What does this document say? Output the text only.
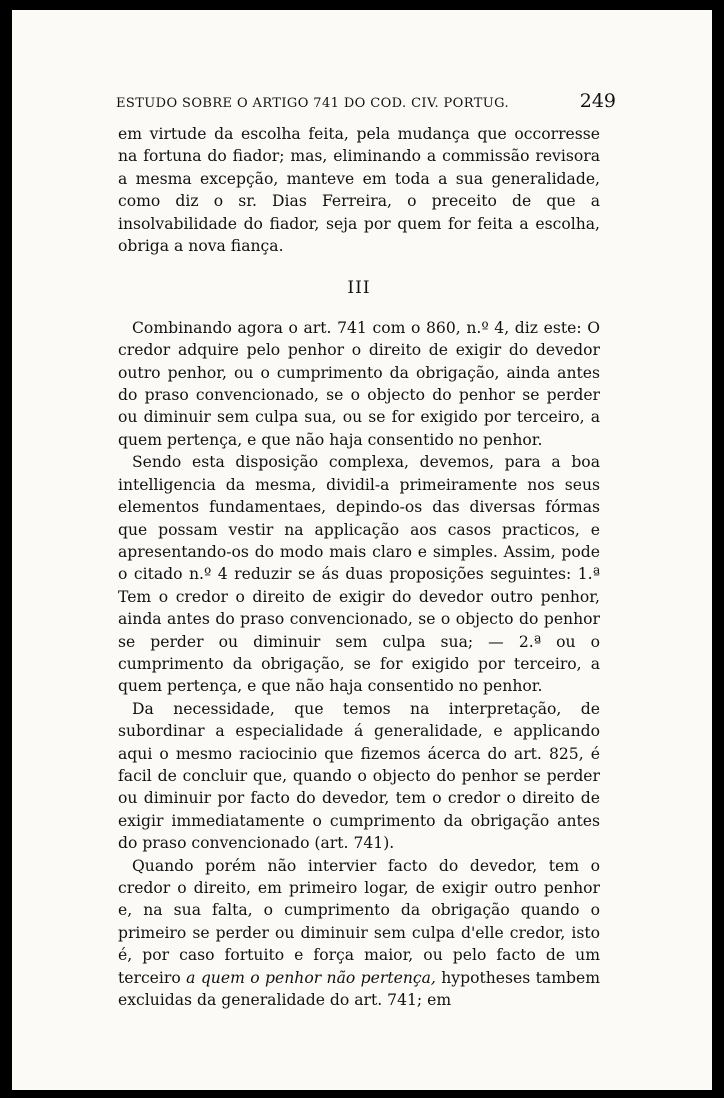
ESTUDO SOBRE O ARTIGO 741 DO COD. CIV. PORTUG.	249

em virtude da escolha feita, pela mudança que occorresse na fortuna do fiador; mas, eliminando a commissão revisora a mesma excepção, manteve em toda a sua generalidade, como diz o sr. Dias Ferreira, o preceito de que a insolvabilidade do fiador, seja por quem for feita a escolha, obriga a nova fiança.

III

Combinando agora o art. 741 com o 860, n.º 4, diz este: O credor adquire pelo penhor o direito de exigir do devedor outro penhor, ou o cumprimento da obrigação, ainda antes do praso convencionado, se o objecto do penhor se perder ou diminuir sem culpa sua, ou se for exigido por terceiro, a quem pertença, e que não haja consentido no penhor.

Sendo esta disposição complexa, devemos, para a boa intelligencia da mesma, dividil-a primeiramente nos seus elementos fundamentaes, depindo-os das diversas fórmas que possam vestir na applicação aos casos practicos, e apresentando-os do modo mais claro e simples. Assim, pode o citado n.º 4 reduzir se ás duas proposições seguintes: 1.ª Tem o credor o direito de exigir do devedor outro penhor, ainda antes do praso convencionado, se o objecto do penhor se perder ou diminuir sem culpa sua; — 2.ª ou o cumprimento da obrigação, se for exigido por terceiro, a quem pertença, e que não haja consentido no penhor.

Da necessidade, que temos na interpretação, de subordinar a especialidade á generalidade, e applicando aqui o mesmo raciocinio que fizemos ácerca do art. 825, é facil de concluir que, quando o objecto do penhor se perder ou diminuir por facto do devedor, tem o credor o direito de exigir immediatamente o cumprimento da obrigação antes do praso convencionado (art. 741).

Quando porém não intervier facto do devedor, tem o credor o direito, em primeiro logar, de exigir outro penhor e, na sua falta, o cumprimento da obrigação quando o primeiro se perder ou diminuir sem culpa d'elle credor, isto é, por caso fortuito e força maior, ou pelo facto de um terceiro a quem o penhor não pertença, hypotheses tambem excluidas da generalidade do art. 741; em
